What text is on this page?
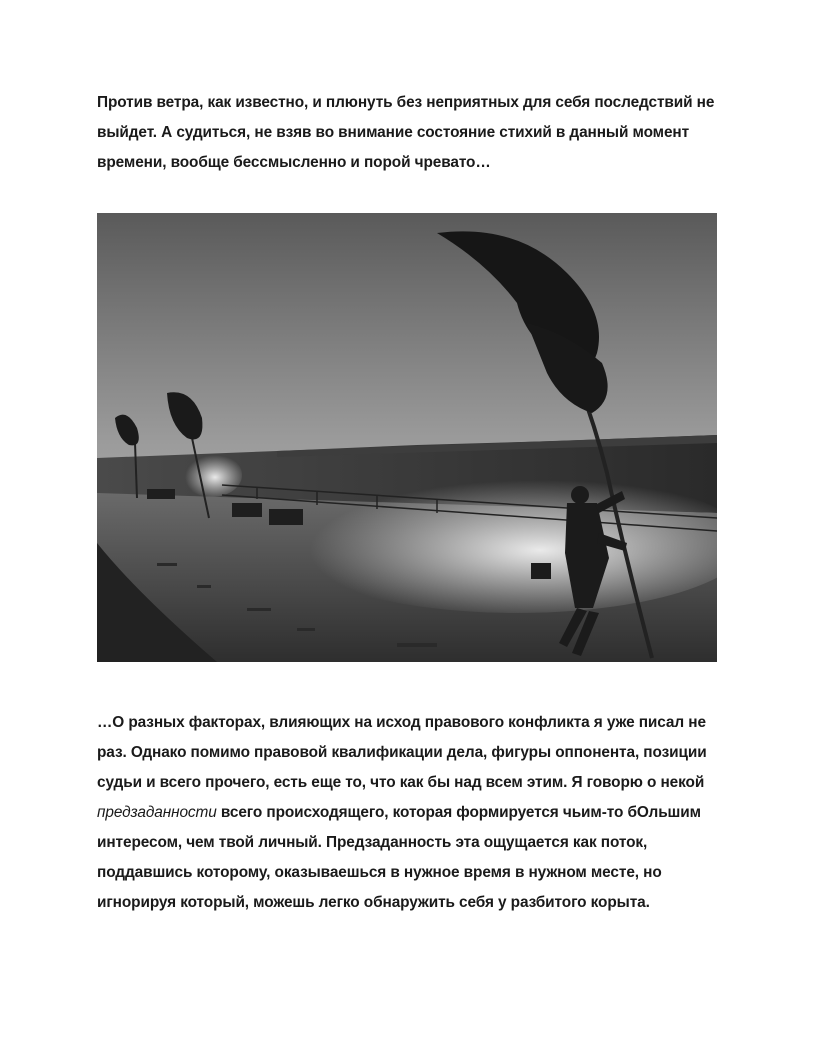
Против ветра, как известно, и плюнуть без неприятных для себя последствий не

выйдет. А судиться, не взяв во внимание состояние стихий в данный момент

времени, вообще бессмысленно и порой чревато…

…О разных факторах, влияющих на исход правового конфликта я уже писал не

раз. Однако помимо правовой квалификации дела, фигуры оппонента, позиции

судьи и всего прочего, есть еще то, что как бы над всем этим. Я говорю о некой

предзаданности всего происходящего, которая формируется чьим-то бОльшим

интересом, чем твой личный. Предзаданность эта ощущается как поток,

поддавшись которому, оказываешься в нужное время в нужном месте, но

игнорируя который, можешь легко обнаружить себя у разбитого корыта.
